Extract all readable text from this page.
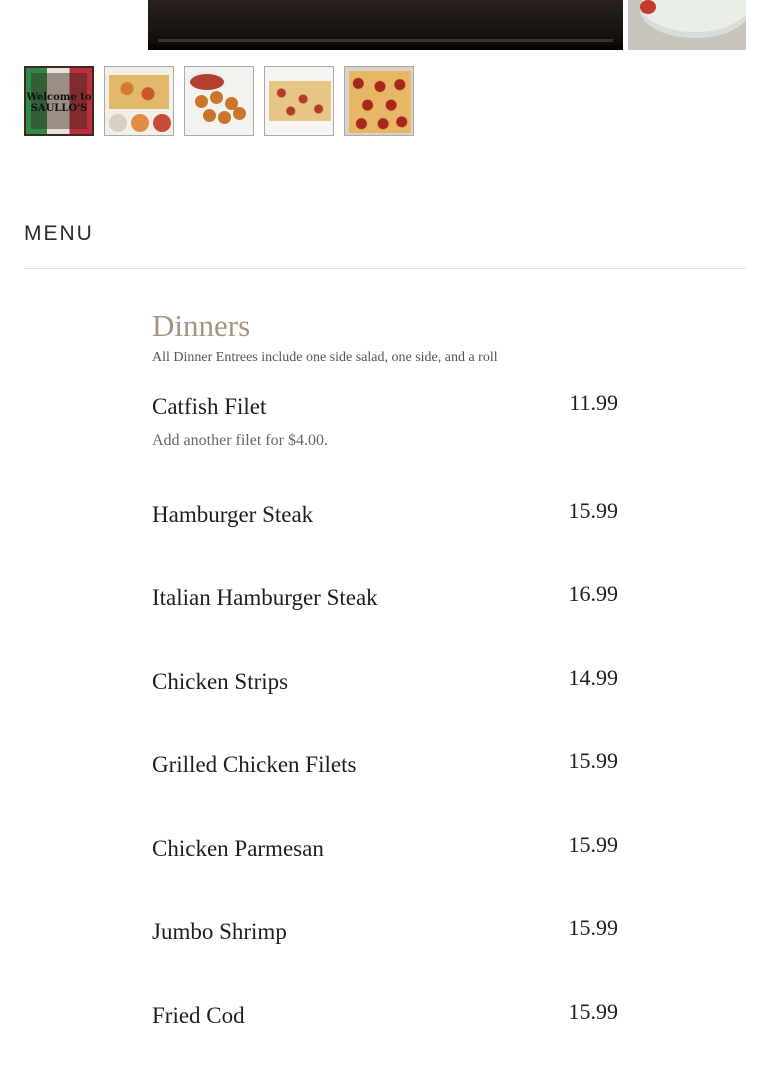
Welcome to SAULLO'S
MENU
Dinners
All Dinner Entrees include one side salad, one side, and a roll
Catfish Filet	11.99
Add another filet for $4.00.
Hamburger Steak	15.99
Italian Hamburger Steak	16.99
Chicken Strips	14.99
Grilled Chicken Filets	15.99
Chicken Parmesan	15.99
Jumbo Shrimp	15.99
Fried Cod	15.99
